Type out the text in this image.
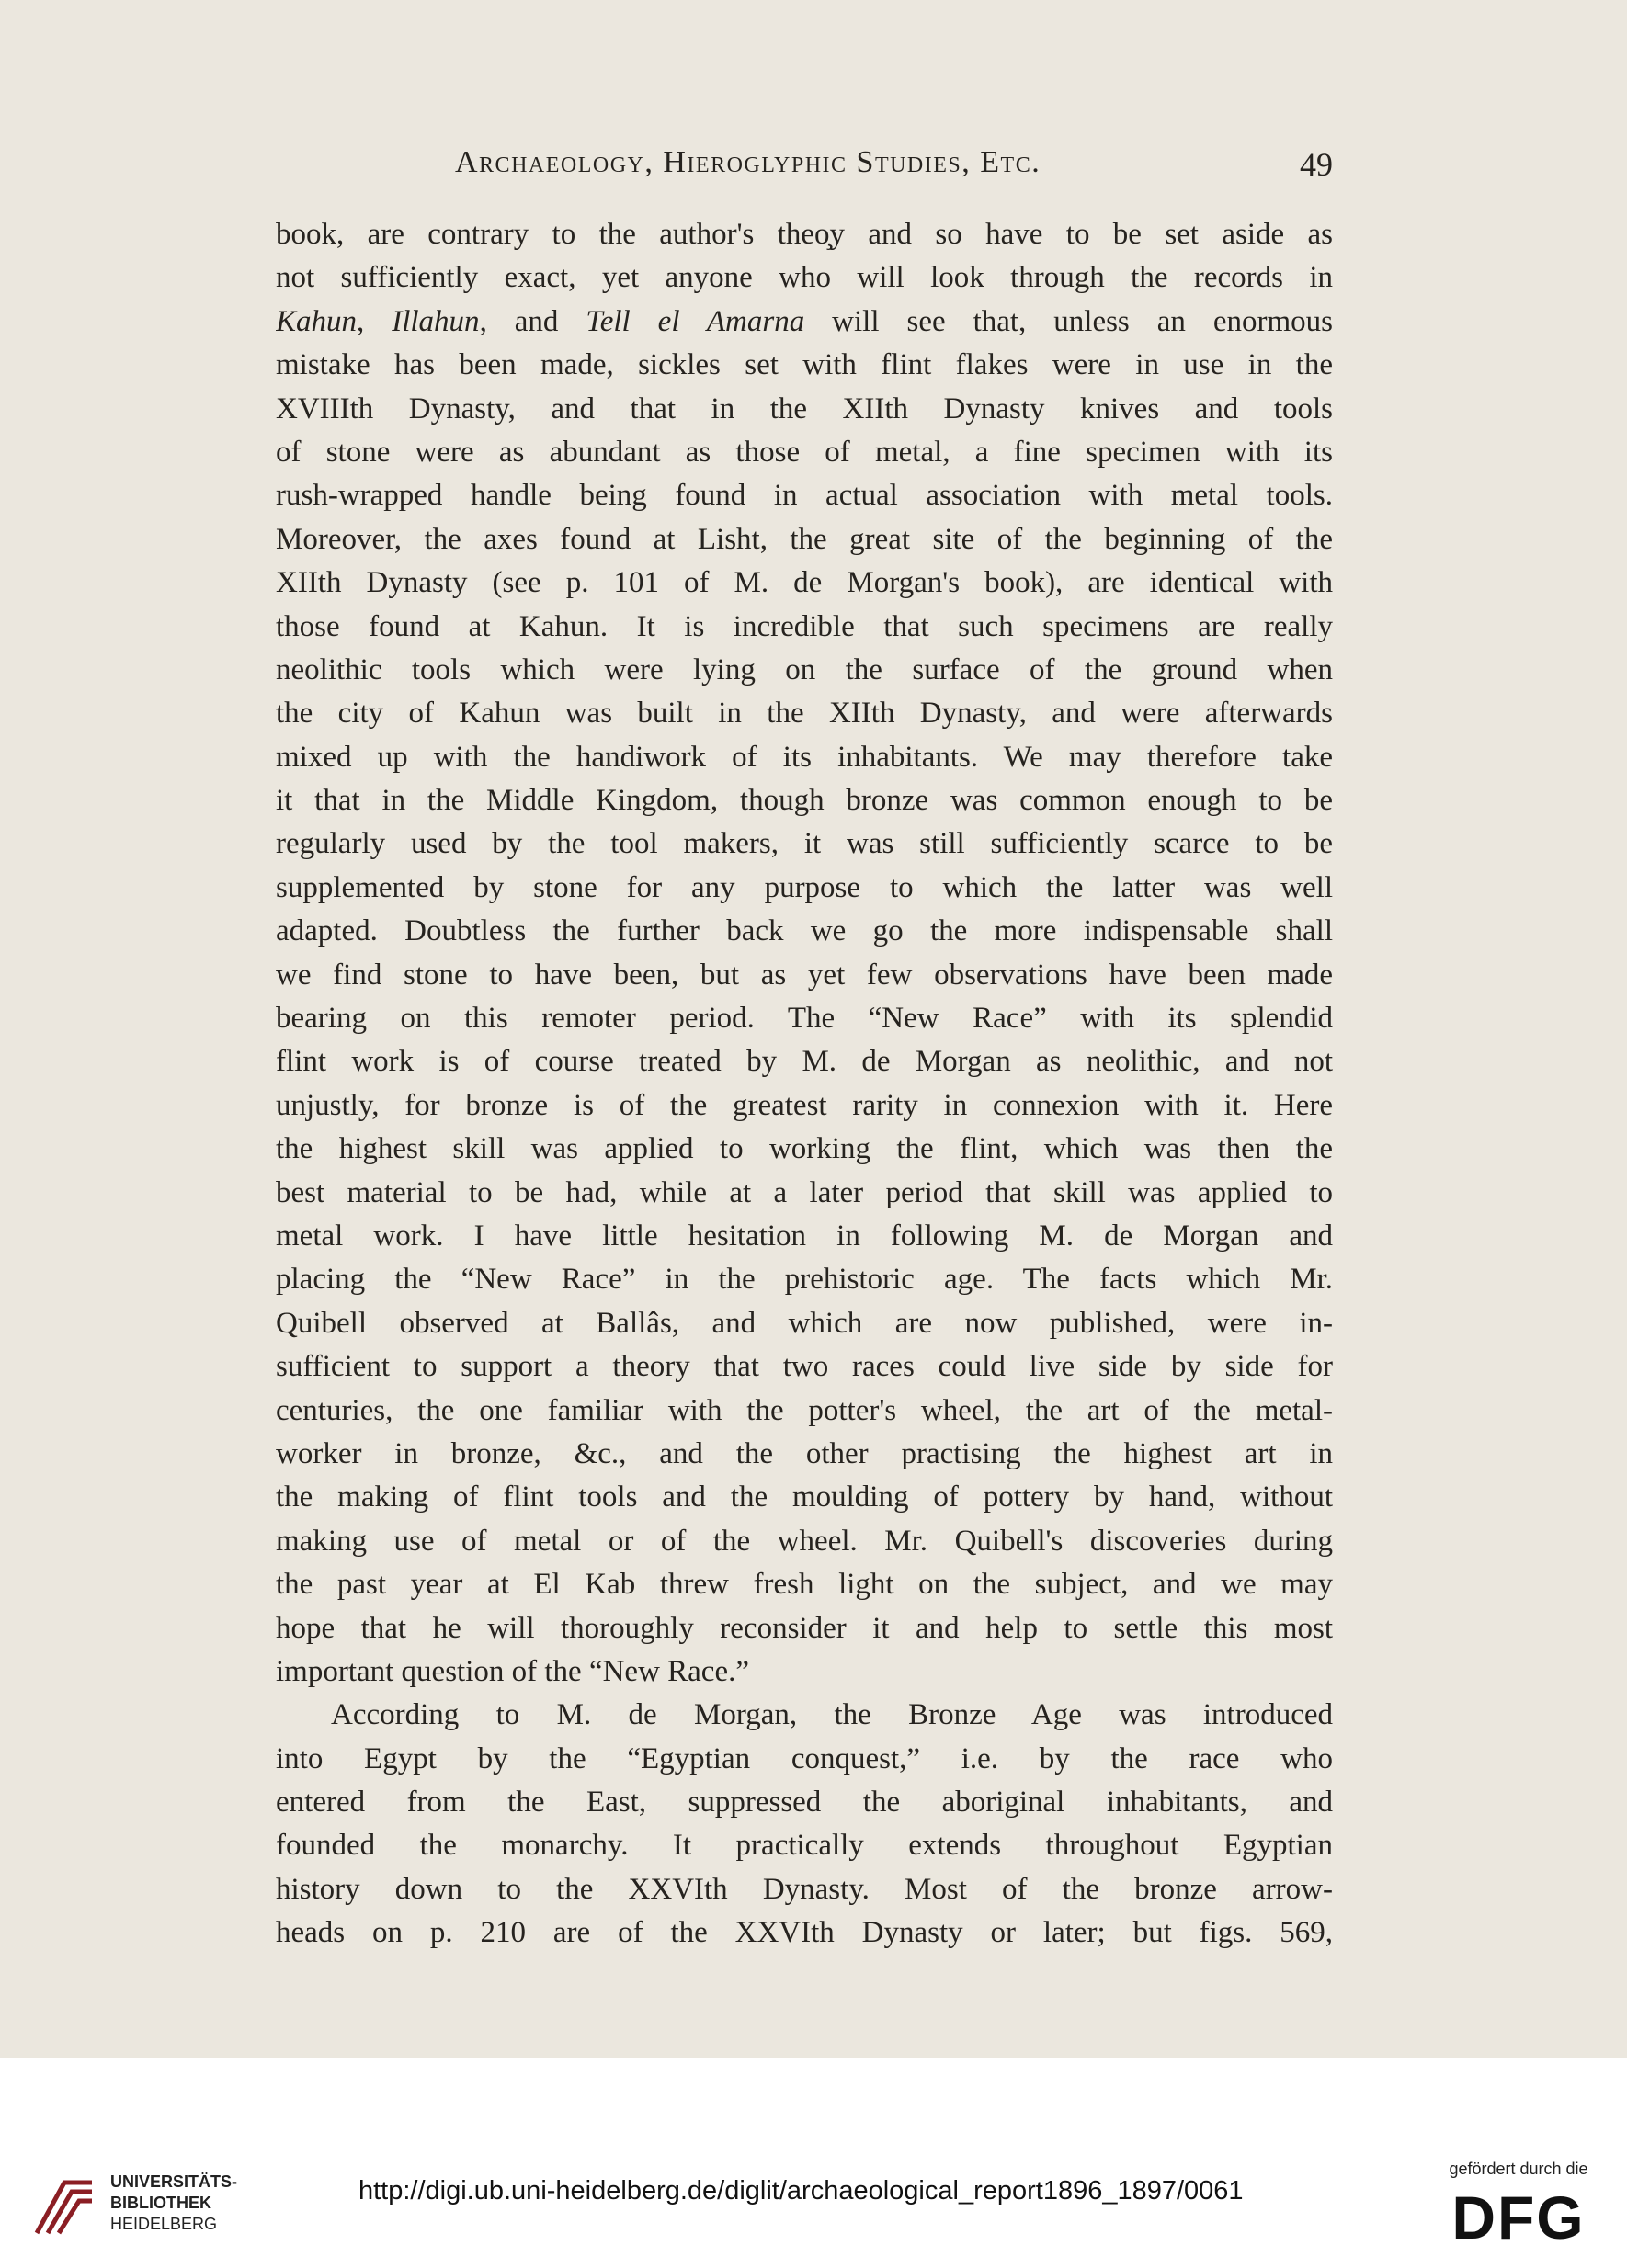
Archaeology, Hieroglyphic Studies, Etc.	49
book, are contrary to the author's theo̧y and so have to be set aside as
not sufficiently exact, yet anyone who will look through the records in
Kahun, Illahun, and Tell el Amarna will see that, unless an enormous
mistake has been made, sickles set with flint flakes were in use in the
XVIIIth Dynasty, and that in the XIIth Dynasty knives and tools
of stone were as abundant as those of metal, a fine specimen with its
rush-wrapped handle being found in actual association with metal tools.
Moreover, the axes found at Lisht, the great site of the beginning of the
XIIth Dynasty (see p. 101 of M. de Morgan's book), are identical with
those found at Kahun. It is incredible that such specimens are really
neolithic tools which were lying on the surface of the ground when
the city of Kahun was built in the XIIth Dynasty, and were afterwards
mixed up with the handiwork of its inhabitants. We may therefore take
it that in the Middle Kingdom, though bronze was common enough to be
regularly used by the tool makers, it was still sufficiently scarce to be
supplemented by stone for any purpose to which the latter was well
adapted. Doubtless the further back we go the more indispensable shall
we find stone to have been, but as yet few observations have been made
bearing on this remoter period. The “New Race” with its splendid
flint work is of course treated by M. de Morgan as neolithic, and not
unjustly, for bronze is of the greatest rarity in connexion with it. Here
the highest skill was applied to working the flint, which was then the
best material to be had, while at a later period that skill was applied to
metal work. I have little hesitation in following M. de Morgan and
placing the “New Race” in the prehistoric age. The facts which Mr.
Quibell observed at Ballâs, and which are now published, were in-
sufficient to support a theory that two races could live side by side for
centuries, the one familiar with the potter's wheel, the art of the metal-
worker in bronze, &c., and the other practising the highest art in
the making of flint tools and the moulding of pottery by hand, without
making use of metal or of the wheel. Mr. Quibell's discoveries during
the past year at El Kab threw fresh light on the subject, and we may
hope that he will thoroughly reconsider it and help to settle this most
important question of the “New Race.”
According to M. de Morgan, the Bronze Age was introduced
into Egypt by the “Egyptian conquest,” i.e. by the race who
entered from the East, suppressed the aboriginal inhabitants, and
founded the monarchy. It practically extends throughout Egyptian
history down to the XXVIth Dynasty. Most of the bronze arrow-
heads on p. 210 are of the XXVIth Dynasty or later; but figs. 569,
UNIVERSITÄTS-
BIBLIOTHEK
HEIDELBERG
http://digi.ub.uni-heidelberg.de/diglit/archaeological_report1896_1897/0061
gefördert durch die
DFG
